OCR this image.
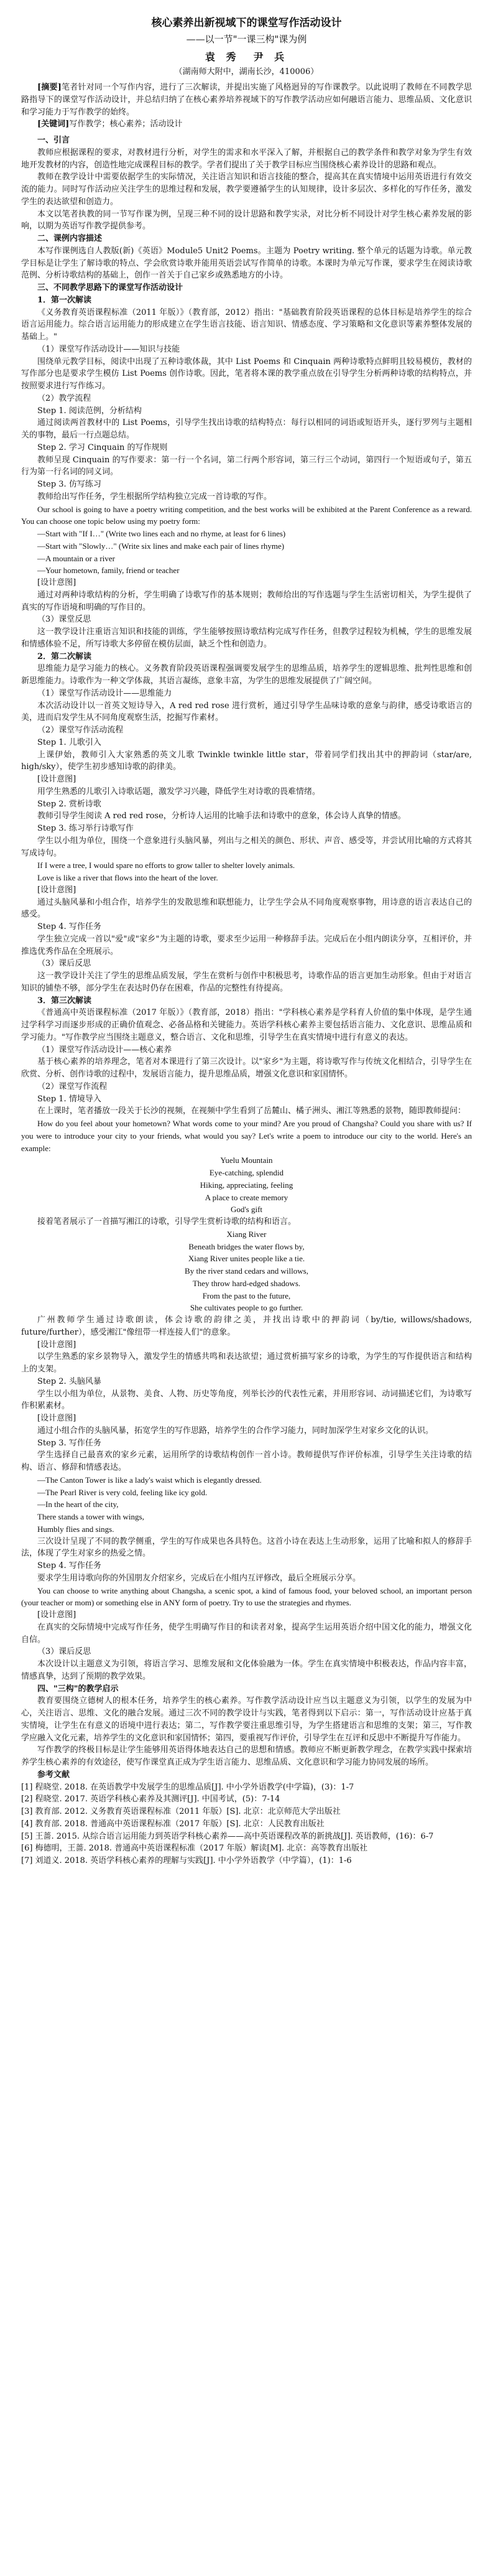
核心素养出新视域下的课堂写作活动设计

——以一节"一课三构"课为例

袁 秀　尹 兵

（湖南师大附中，湖南长沙，410006）

[摘要]笔者针对同一个写作内容，进行了三次解读，并提出实施了风格迥异的写作课教学。以此说明了教师在不同教学思路指导下的课堂写作活动设计，并总结归纳了在核心素养培养视域下的写作教学活动应如何融语言能力、思维品质、文化意识和学习能力于写作教学的始终。

[关键词]写作教学；核心素养；活动设计

一、引言

教师应根据课程的要求，对教材进行分析，对学生的需求和水平深入了解，并根据自己的教学条件和教学对象为学生有效地开发教材的内容，创造性地完成课程目标的教学。学者们提出了关于教学目标应当围绕核心素养设计的思路和观点。

教师在教学设计中需要依据学生的实际情况，关注语言知识和语言技能的整合，提高其在真实情境中运用英语进行有效交流的能力。同时写作活动应关注学生的思维过程和发展，教学要遵循学生的认知规律，设计多层次、多样化的写作任务，激发学生的表达欲望和创造力。

本文以笔者执教的同一节写作课为例，呈现三种不同的设计思路和教学实录，对比分析不同设计对学生核心素养发展的影响，以期为英语写作教学提供参考。

二、课例内容描述

本写作课例选自人教版(新)《英语》Module5 Unit2 Poems。主题为 Poetry writing. 整个单元的话题为诗歌。单元教学目标是让学生了解诗歌的特点、学会欣赏诗歌并能用英语尝试写作简单的诗歌。本课时为单元写作课，要求学生在阅读诗歌范例、分析诗歌结构的基础上，创作一首关于自己家乡或熟悉地方的小诗。

三、不同教学思路下的课堂写作活动设计

1．第一次解读

《义务教育英语课程标准（2011 年版）》（教育部，2012）指出："基础教育阶段英语课程的总体目标是培养学生的综合语言运用能力。综合语言运用能力的形成建立在学生语言技能、语言知识、情感态度、学习策略和文化意识等素养整体发展的基础上。"

（1）课堂写作活动设计——知识与技能

围绕单元教学目标，阅读中出现了五种诗歌体裁，其中 List Poems 和 Cinquain 两种诗歌特点鲜明且较易模仿，教材的写作部分也是要求学生模仿 List Poems 创作诗歌。因此，笔者将本课的教学重点放在引导学生分析两种诗歌的结构特点，并按照要求进行写作练习。

（2）教学流程

Step 1. 阅读范例，分析结构

通过阅读两首教材中的 List Poems，引导学生找出诗歌的结构特点：每行以相同的词语或短语开头，逐行罗列与主题相关的事物，最后一行点题总结。

Step 2. 学习 Cinquain 的写作规则

教师呈现 Cinquain 的写作要求：第一行一个名词，第二行两个形容词，第三行三个动词，第四行一个短语或句子，第五行为第一行名词的同义词。

Step 3. 仿写练习

教师给出写作任务，学生根据所学结构独立完成一首诗歌的写作。

Our school is going to have a poetry writing competition, and the best works will be exhibited at the Parent Conference as a reward. You can choose one topic below using my poetry form:

—Start with "If I…" (Write two lines each and no rhyme, at least for 6 lines)

—Start with "Slowly…" (Write six lines and make each pair of lines rhyme)

—A mountain or a river

—Your hometown, family, friend or teacher

[设计意图]

通过对两种诗歌结构的分析，学生明确了诗歌写作的基本规则；教师给出的写作选题与学生生活密切相关，为学生提供了真实的写作语境和明确的写作目的。

（3）课堂反思

这一教学设计注重语言知识和技能的训练，学生能够按照诗歌结构完成写作任务，但教学过程较为机械，学生的思维发展和情感体验不足，所写诗歌大多停留在模仿层面，缺乏个性和创造力。

2．第二次解读

思维能力是学习能力的核心。义务教育阶段英语课程强调要发展学生的思维品质，培养学生的逻辑思维、批判性思维和创新思维能力。诗歌作为一种文学体裁，其语言凝练，意象丰富，为学生的思维发展提供了广阔空间。

（1）课堂写作活动设计——思维能力

本次活动设计以一首英文短诗导入，A red red rose 进行赏析，通过引导学生品味诗歌的意象与韵律，感受诗歌语言的美，进而启发学生从不同角度观察生活，挖掘写作素材。

（2）课堂写作活动流程

Step 1. 儿歌引入

上课伊始，教师引入大家熟悉的英文儿歌 Twinkle twinkle little star，带着同学们找出其中的押韵词（star/are, high/sky），使学生初步感知诗歌的韵律美。

[设计意图]

用学生熟悉的儿歌引入诗歌话题，激发学习兴趣，降低学生对诗歌的畏难情绪。

Step 2. 赏析诗歌

教师引导学生阅读 A red red rose，分析诗人运用的比喻手法和诗歌中的意象，体会诗人真挚的情感。

Step 3. 练习举行诗歌写作

学生以小组为单位，围绕一个意象进行头脑风暴，列出与之相关的颜色、形状、声音、感受等，并尝试用比喻的方式将其写成诗句。

If I were a tree, I would spare no efforts to grow taller to shelter lovely animals.

Love is like a river that flows into the heart of the lover.

[设计意图]

通过头脑风暴和小组合作，培养学生的发散思维和联想能力，让学生学会从不同角度观察事物，用诗意的语言表达自己的感受。

Step 4. 写作任务

学生独立完成一首以"爱"或"家乡"为主题的诗歌，要求至少运用一种修辞手法。完成后在小组内朗读分享，互相评价，并推选优秀作品在全班展示。

（3）课后反思

这一教学设计关注了学生的思维品质发展，学生在赏析与创作中积极思考，诗歌作品的语言更加生动形象。但由于对语言知识的铺垫不够，部分学生在表达时仍存在困难，作品的完整性有待提高。

3．第三次解读

《普通高中英语课程标准（2017 年版）》（教育部，2018）指出："学科核心素养是学科育人价值的集中体现，是学生通过学科学习而逐步形成的正确价值观念、必备品格和关键能力。英语学科核心素养主要包括语言能力、文化意识、思维品质和学习能力。"写作教学应当围绕主题意义，整合语言、文化和思维，引导学生在真实情境中进行有意义的表达。

（1）课堂写作活动设计——核心素养

基于核心素养的培养理念，笔者对本课进行了第三次设计。以"家乡"为主题，将诗歌写作与传统文化相结合，引导学生在欣赏、分析、创作诗歌的过程中，发展语言能力，提升思维品质，增强文化意识和家国情怀。

（2）课堂写作流程

Step 1. 情境导入

在上课时，笔者播放一段关于长沙的视频，在视频中学生看到了岳麓山、橘子洲头、湘江等熟悉的景物，随即教师提问：

How do you feel about your hometown? What words come to your mind? Are you proud of Changsha? Could you share with us? If you were to introduce your city to your friends, what would you say? Let's write a poem to introduce our city to the world. Here's an example:

Yuelu Mountain

Eye-catching, splendid

Hiking, appreciating, feeling

A place to create memory

God's gift

接着笔者展示了一首描写湘江的诗歌，引导学生赏析诗歌的结构和语言。

Xiang River

Beneath bridges the water flows by,

Xiang River unites people like a tie.

By the river stand cedars and willows,

They throw hard-edged shadows.

From the past to the future,

She cultivates people to go further.

广州教师学生通过诗歌朗读，体会诗歌的韵律之美，并找出诗歌中的押韵词（by/tie, willows/shadows, future/further），感受湘江"像纽带一样连接人们"的意象。

[设计意图]

以学生熟悉的家乡景物导入，激发学生的情感共鸣和表达欲望；通过赏析描写家乡的诗歌，为学生的写作提供语言和结构上的支架。

Step 2. 头脑风暴

学生以小组为单位，从景物、美食、人物、历史等角度，列举长沙的代表性元素，并用形容词、动词描述它们，为诗歌写作积累素材。

[设计意图]

通过小组合作的头脑风暴，拓宽学生的写作思路，培养学生的合作学习能力，同时加深学生对家乡文化的认识。

Step 3. 写作任务

学生选择自己最喜欢的家乡元素，运用所学的诗歌结构创作一首小诗。教师提供写作评价标准，引导学生关注诗歌的结构、语言、修辞和情感表达。

—The Canton Tower is like a lady's waist which is elegantly dressed.

—The Pearl River is very cold, feeling like icy gold.

—In the heart of the city,

There stands a tower with wings,

Humbly flies and sings.

三次设计呈现了不同的教学侧重，学生的写作成果也各具特色。这首小诗在表达上生动形象，运用了比喻和拟人的修辞手法，体现了学生对家乡的热爱之情。

Step 4. 写作任务

要求学生用诗歌向你的外国朋友介绍家乡，完成后在小组内互评修改，最后全班展示分享。

You can choose to write anything about Changsha, a scenic spot, a kind of famous food, your beloved school, an important person (your teacher or mom) or something else in ANY form of poetry. Try to use the strategies and rhymes.

[设计意图]

在真实的交际情境中完成写作任务，使学生明确写作目的和读者对象，提高学生运用英语介绍中国文化的能力，增强文化自信。

（3）课后反思

本次设计以主题意义为引领，将语言学习、思维发展和文化体验融为一体。学生在真实情境中积极表达，作品内容丰富，情感真挚，达到了预期的教学效果。

四、"三构"的教学启示

教育要围绕立德树人的根本任务，培养学生的核心素养。写作教学活动设计应当以主题意义为引领，以学生的发展为中心，关注语言、思维、文化的融合发展。通过三次不同的教学设计与实践，笔者得到以下启示：第一，写作活动设计应基于真实情境，让学生在有意义的语境中进行表达；第二，写作教学要注重思维引导，为学生搭建语言和思维的支架；第三，写作教学应融入文化元素，培养学生的文化意识和家国情怀；第四，要重视写作评价，引导学生在互评和反思中不断提升写作能力。

写作教学的终极目标是让学生能够用英语得体地表达自己的思想和情感。教师应不断更新教学理念，在教学实践中探索培养学生核心素养的有效途径，使写作课堂真正成为学生语言能力、思维品质、文化意识和学习能力协同发展的场所。

参考文献

[1] 程晓堂. 2018. 在英语教学中发展学生的思维品质[J]. 中小学外语教学(中学篇)，(3)：1-7

[2] 程晓堂. 2017. 英语学科核心素养及其测评[J]. 中国考试，(5)：7-14

[3] 教育部. 2012. 义务教育英语课程标准（2011 年版）[S]. 北京：北京师范大学出版社

[4] 教育部. 2018. 普通高中英语课程标准（2017 年版）[S]. 北京：人民教育出版社

[5] 王蔷. 2015. 从综合语言运用能力到英语学科核心素养——高中英语课程改革的新挑战[J]. 英语教师，(16)：6-7

[6] 梅德明，王蔷. 2018. 普通高中英语课程标准（2017 年版）解读[M]. 北京：高等教育出版社

[7] 刘道义. 2018. 英语学科核心素养的理解与实践[J]. 中小学外语教学（中学篇），(1)：1-6
